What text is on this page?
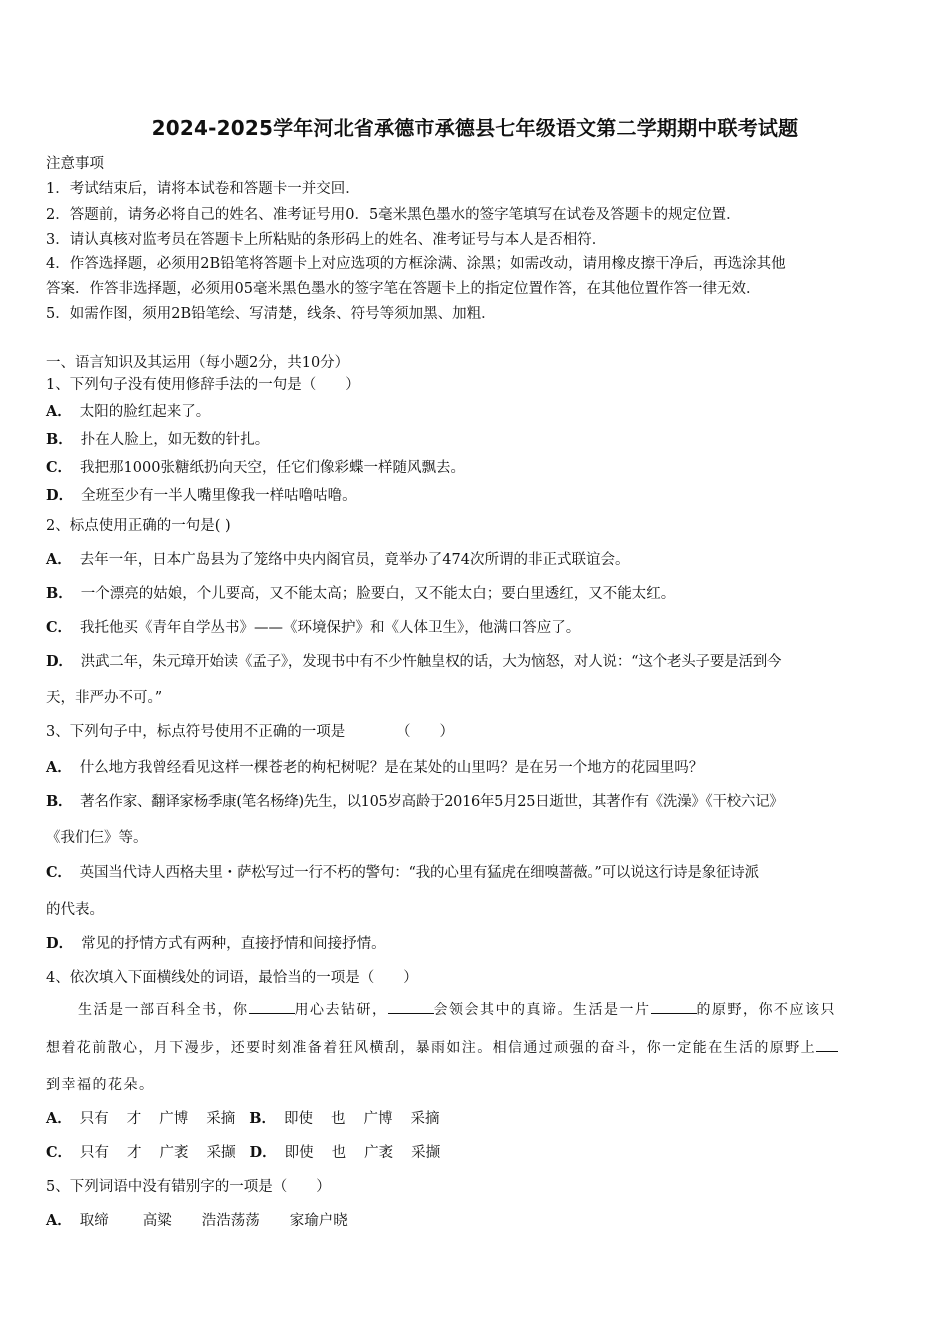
2024-2025学年河北省承德市承德县七年级语文第二学期期中联考试题
注意事项
1．考试结束后，请将本试卷和答题卡一并交回．
2．答题前，请务必将自己的姓名、准考证号用0．5毫米黑色墨水的签字笔填写在试卷及答题卡的规定位置．
3．请认真核对监考员在答题卡上所粘贴的条形码上的姓名、准考证号与本人是否相符．
4．作答选择题，必须用2B铅笔将答题卡上对应选项的方框涂满、涂黑；如需改动，请用橡皮擦干净后，再选涂其他
答案．作答非选择题，必须用05毫米黑色墨水的签字笔在答题卡上的指定位置作答，在其他位置作答一律无效．
5．如需作图，须用2B铅笔绘、写清楚，线条、符号等须加黑、加粗．
一、语言知识及其运用（每小题2分，共10分）
1、下列句子没有使用修辞手法的一句是（　　）
A． 太阳的脸红起来了。
B． 扑在人脸上，如无数的针扎。
C． 我把那1000张糖纸扔向天空，任它们像彩蝶一样随风飘去。
D． 全班至少有一半人嘴里像我一样咕噜咕噜。
2、标点使用正确的一句是( )
A． 去年一年，日本广岛县为了笼络中央内阁官员，竟举办了474次所谓的非正式联谊会。
B． 一个漂亮的姑娘，个儿要高，又不能太高；脸要白，又不能太白；要白里透红，又不能太红。
C． 我托他买《青年自学丛书》——《环境保护》和《人体卫生》，他满口答应了。
D． 洪武二年，朱元璋开始读《孟子》，发现书中有不少忤触皇权的话，大为恼怒，对人说：“这个老头子要是活到今
天，非严办不可。”
3、下列句子中，标点符号使用不正确的一项是　　　　（　　）
A． 什么地方我曾经看见这样一棵苍老的枸杞树呢？是在某处的山里吗？是在另一个地方的花园里吗？
B． 著名作家、翻译家杨季康(笔名杨绛)先生，以105岁高龄于2016年5月25日逝世，其著作有《洗澡》《干校六记》
《我们仨》等。
C． 英国当代诗人西格夫里・萨松写过一行不朽的警句：“我的心里有猛虎在细嗅蔷薇。”可以说这行诗是象征诗派
的代表。
D． 常见的抒情方式有两种，直接抒情和间接抒情。
4、依次填入下面横线处的词语，最恰当的一项是（　　）
生活是一部百科全书，你	用心去钻研，	会领会其中的真谛。生活是一片	的原野，你不应该只
想着花前散心，月下漫步，还要时刻准备着狂风横刮，暴雨如注。相信通过顽强的奋斗，你一定能在生活的原野上
到幸福的花朵。
A． 只有 才 广博 采摘 B． 即使 也 广博 采摘
C． 只有 才 广袤 采撷 D． 即使 也 广袤 采撷
5、下列词语中没有错别字的一项是（　　）
A． 取缔 高粱 浩浩荡荡 家瑜户晓
